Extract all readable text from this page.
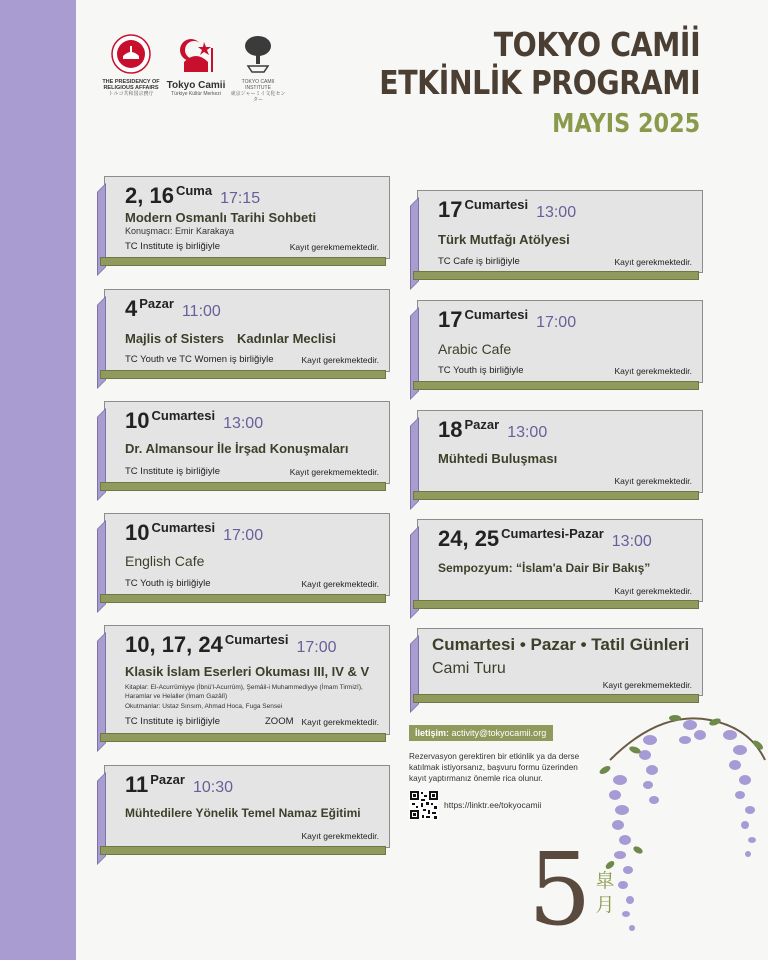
THE PRESIDENCY OF
RELIGIOUS AFFAIRS
トルコ共和国宗務庁
Tokyo Camii
Türkiye Kültür Merkezi
TOKYO CAMII INSTITUTE
東京ジャーミイ文化センター
TOKYO CAMİİ
ETKİNLİK PROGRAMI
MAYIS 2025
2, 16 $^{Cuma}$ 17:15
Modern Osmanlı Tarihi Sohbeti
Konuşmacı: Emir Karakaya
TC Institute iş birliğiyle	Kayıt gerekmemektedir.
4 $^{Pazar}$ 11:00
Majlis of Sisters　Kadınlar Meclisi
TC Youth ve TC Women iş birliğiyle	Kayıt gerekmektedir.
10 $^{Cumartesi}$ 13:00
Dr. Almansour İle İrşad Konuşmaları
TC Institute iş birliğiyle	Kayıt gerekmemektedir.
10 $^{Cumartesi}$ 17:00
English Cafe
TC Youth iş birliğiyle	Kayıt gerekmektedir.
10, 17, 24 $^{Cumartesi}$ 17:00
Klasik İslam Eserleri Okuması III, IV & V
Kitaplar: El-Acurrûmiyye (İbnü'l-Acurrûm), Şemâil-i Muhammediyye (İmam Tirmizî), Haramlar ve Helaller (İmam Gazâlî)
Okutmanlar: Ustaz Sırısım, Ahmad Hoca, Fuga Sensei
TC Institute iş birliğiyle	ZOOM Kayıt gerekmektedir.
11 $^{Pazar}$ 10:30
Mühtedilere Yönelik Temel Namaz Eğitimi
Kayıt gerekmektedir.
17 $^{Cumartesi}$ 13:00
Türk Mutfağı Atölyesi
TC Cafe iş birliğiyle	Kayıt gerekmektedir.
17 $^{Cumartesi}$ 17:00
Arabic Cafe
TC Youth iş birliğiyle	Kayıt gerekmektedir.
18 $^{Pazar}$ 13:00
Mühtedi Buluşması
Kayıt gerekmektedir.
24, 25 $^{Cumartesi-Pazar}$ 13:00
Sempozyum: “İslam'a Dair Bir Bakış”
Kayıt gerekmektedir.
Cumartesi • Pazar • Tatil Günleri
Cami Turu
Kayıt gerekmemektedir.
İletişim: activity@tokyocamii.org
Rezervasyon gerektiren bir etkinlik ya da derse katılmak istiyorsanız, başvuru formu üzerinden kayıt yaptırmanız önemle rica olunur.
https://linktr.ee/tokyocamii
5 皐
月
